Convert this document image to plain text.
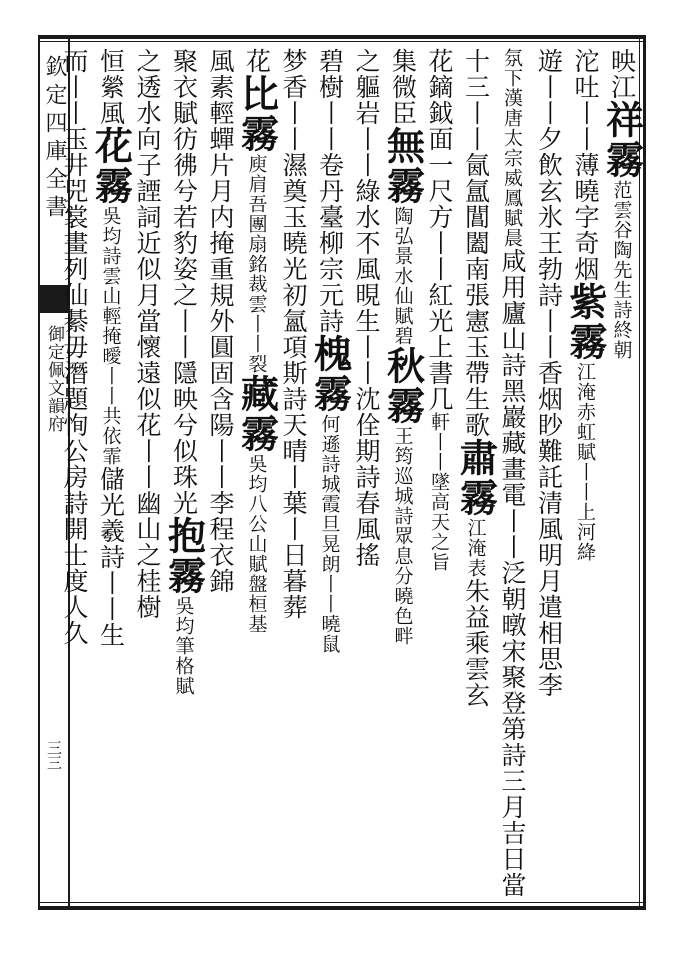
欽定四庫全書
御定佩文韻府
三三
映江祥霧范雲谷陶先生詩終朝
沱吐丨丨薄曉字奇烟紫霧江淹赤虹賦丨丨上河絳
遊丨丨夕飲玄氷王勃詩丨丨香烟眇難託清風明月遣相思李
氛下漢唐太宗威鳳賦晨咸用廬山詩黑巖藏畫電丨丨泛朝暾宋聚登第詩三月吉日當
十三丨丨氤氲閶闔南張憲玉帶生歌肅霧江淹表朱益乘雲玄
花鏑鉞面一尺方丨丨紅光上書几軒丨丨墜高天之旨
集微臣無霧陶弘景水仙賦碧秋霧王筠巡城詩眾息分曉色畔
之軀岩丨丨綠水不風晛生丨丨沈佺期詩春風搖
碧樹丨丨卷丹臺柳宗元詩槐霧何遜詩城霞旦晃朗丨丨曉鼠
梦香丨丨濕奠玉曉光初氳項斯詩天晴丨葉丨日暮葬
花比霧庾肩吾團扇銘裁雲丨丨裂藏霧吳均八公山賦盤桓基
風素輕蟬片月内掩重規外圓固含陽丨丨李程衣錦
聚衣賦彷彿兮若豹姿之丨丨隱映兮似珠光抱霧吳均筆格賦
之透水向子諲詞近似月當懷遠似花丨丨幽山之桂樹
恒縈風花霧吳均詩雲山輕掩曖丨丨共依霏儲光羲詩丨丨生
而丨丨玉井兕裳畫列仙綦毋潛題恂公房詩開士度人久
